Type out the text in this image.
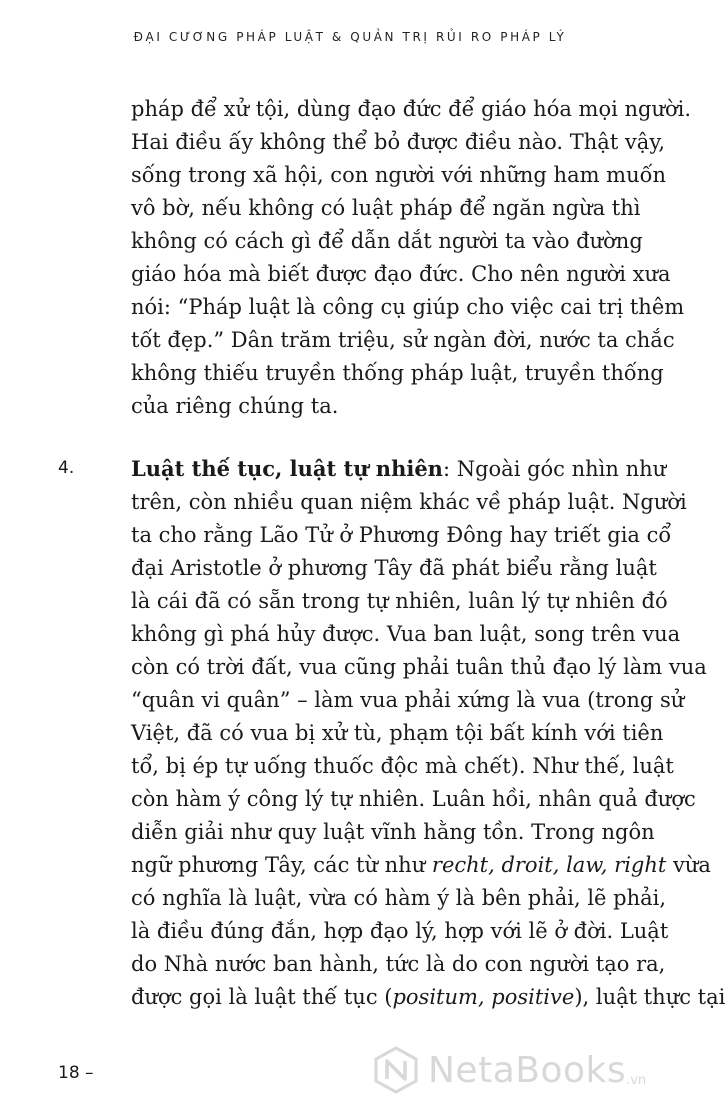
ĐẠI CƯƠNG PHÁP LUẬT & QUẢN TRỊ RỦI RO PHÁP LÝ

pháp để xử tội, dùng đạo đức để giáo hóa mọi người.
Hai điều ấy không thể bỏ được điều nào. Thật vậy,
sống trong xã hội, con người với những ham muốn
vô bờ, nếu không có luật pháp để ngăn ngừa thì
không có cách gì để dẫn dắt người ta vào đường
giáo hóa mà biết được đạo đức. Cho nên người xưa
nói: “Pháp luật là công cụ giúp cho việc cai trị thêm
tốt đẹp.” Dân trăm triệu, sử ngàn đời, nước ta chắc
không thiếu truyền thống pháp luật, truyền thống
của riêng chúng ta.

4.	Luật thế tục, luật tự nhiên: Ngoài góc nhìn như
trên, còn nhiều quan niệm khác về pháp luật. Người
ta cho rằng Lão Tử ở Phương Đông hay triết gia cổ
đại Aristotle ở phương Tây đã phát biểu rằng luật
là cái đã có sẵn trong tự nhiên, luân lý tự nhiên đó
không gì phá hủy được. Vua ban luật, song trên vua
còn có trời đất, vua cũng phải tuân thủ đạo lý làm vua
“quân vi quân” – làm vua phải xứng là vua (trong sử
Việt, đã có vua bị xử tù, phạm tội bất kính với tiên
tổ, bị ép tự uống thuốc độc mà chết). Như thế, luật
còn hàm ý công lý tự nhiên. Luân hồi, nhân quả được
diễn giải như quy luật vĩnh hằng tồn. Trong ngôn
ngữ phương Tây, các từ như recht, droit, law, right vừa
có nghĩa là luật, vừa có hàm ý là bên phải, lẽ phải,
là điều đúng đắn, hợp đạo lý, hợp với lẽ ở đời. Luật
do Nhà nước ban hành, tức là do con người tạo ra,
được gọi là luật thế tục (positum, positive), luật thực tại
18 –	NetaBooks .vn
